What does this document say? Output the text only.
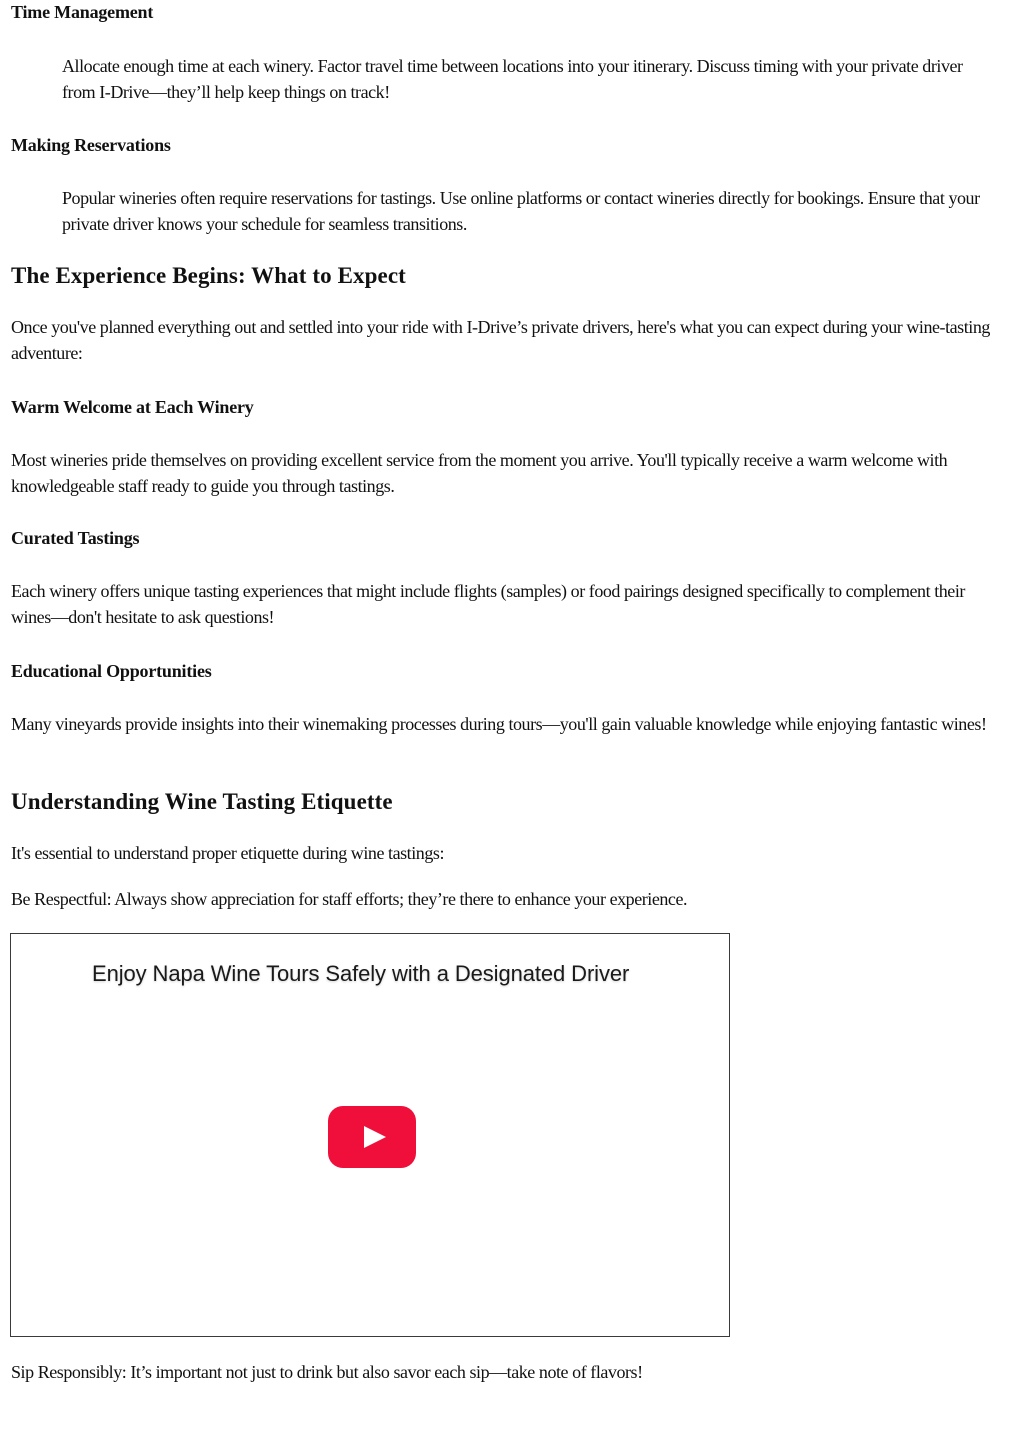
Time Management

Allocate enough time at each winery. Factor travel time between locations into your itinerary. Discuss timing with your private driver from I-Drive—they’ll help keep things on track!

Making Reservations

Popular wineries often require reservations for tastings. Use online platforms or contact wineries directly for bookings. Ensure that your private driver knows your schedule for seamless transitions.

The Experience Begins: What to Expect

Once you've planned everything out and settled into your ride with I-Drive’s private drivers, here's what you can expect during your wine-tasting adventure:

Warm Welcome at Each Winery

Most wineries pride themselves on providing excellent service from the moment you arrive. You'll typically receive a warm welcome with knowledgeable staff ready to guide you through tastings.

Curated Tastings

Each winery offers unique tasting experiences that might include flights (samples) or food pairings designed specifically to complement their wines—don't hesitate to ask questions!

Educational Opportunities

Many vineyards provide insights into their winemaking processes during tours—you'll gain valuable knowledge while enjoying fantastic wines!

Understanding Wine Tasting Etiquette

It's essential to understand proper etiquette during wine tastings:

Be Respectful: Always show appreciation for staff efforts; they’re there to enhance your experience.

Enjoy Napa Wine Tours Safely with a Designated Driver

Sip Responsibly: It’s important not just to drink but also savor each sip—take note of flavors!
